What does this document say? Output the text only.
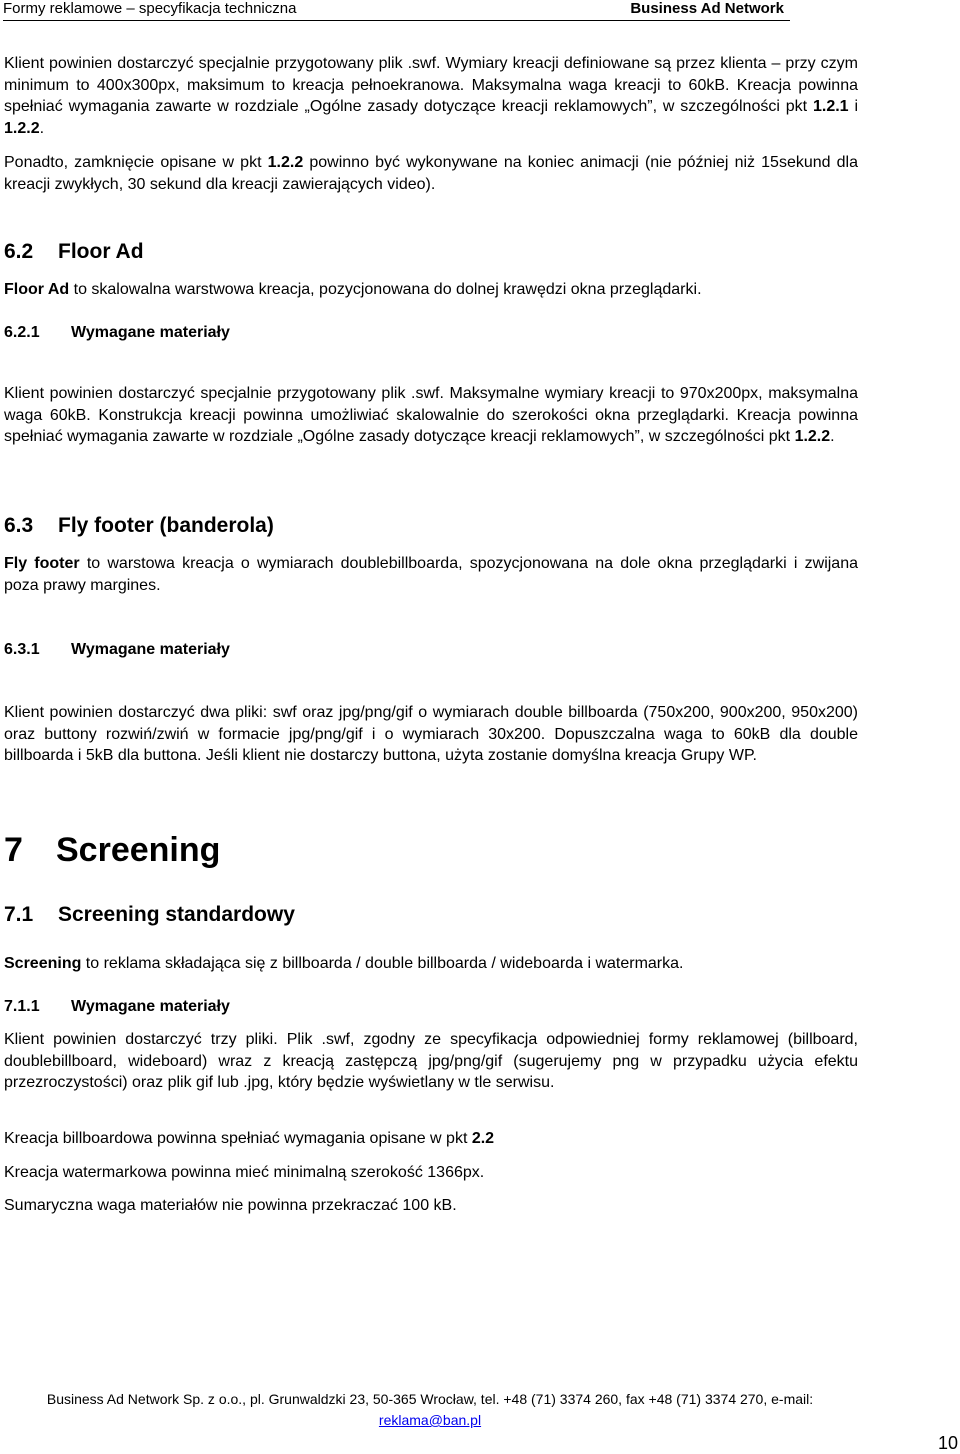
Formy reklamowe – specyfikacja techniczna	Business Ad Network

Klient powinien dostarczyć specjalnie przygotowany plik .swf. Wymiary kreacji definiowane są przez klienta – przy czym minimum to 400x300px, maksimum to kreacja pełnoekranowa. Maksymalna waga kreacji to 60kB. Kreacja powinna spełniać wymagania zawarte w rozdziale „Ogólne zasady dotyczące kreacji reklamowych”, w szczególności pkt 1.2.1 i 1.2.2.

Ponadto, zamknięcie opisane w pkt 1.2.2 powinno być wykonywane na koniec animacji (nie później niż 15sekund dla kreacji zwykłych, 30 sekund dla kreacji zawierających video).

6.2 Floor Ad

Floor Ad to skalowalna warstwowa kreacja, pozycjonowana do dolnej krawędzi okna przeglądarki.

6.2.1 Wymagane materiały

Klient powinien dostarczyć specjalnie przygotowany plik .swf. Maksymalne wymiary kreacji to 970x200px, maksymalna waga 60kB. Konstrukcja kreacji powinna umożliwiać skalowalnie do szerokości okna przeglądarki. Kreacja powinna spełniać wymagania zawarte w rozdziale „Ogólne zasady dotyczące kreacji reklamowych”, w szczególności pkt 1.2.2.

6.3 Fly footer (banderola)

Fly footer to warstowa kreacja o wymiarach doublebillboarda, spozycjonowana na dole okna przeglądarki i zwijana poza prawy margines.

6.3.1 Wymagane materiały

Klient powinien dostarczyć dwa pliki: swf oraz jpg/png/gif o wymiarach double billboarda (750x200, 900x200, 950x200) oraz buttony rozwiń/zwiń w formacie jpg/png/gif i o wymiarach 30x200. Dopuszczalna waga to 60kB dla double billboarda i 5kB dla buttona. Jeśli klient nie dostarczy buttona, użyta zostanie domyślna kreacja Grupy WP.

7 Screening
7.1 Screening standardowy

Screening to reklama składająca się z billboarda / double billboarda / wideboarda i watermarka.

7.1.1 Wymagane materiały

Klient powinien dostarczyć trzy pliki. Plik .swf, zgodny ze specyfikacja odpowiedniej formy reklamowej (billboard, doublebillboard, wideboard) wraz z kreacją zastępczą jpg/png/gif (sugerujemy png w przypadku użycia efektu przezroczystości) oraz plik gif lub .jpg, który będzie wyświetlany w tle serwisu.

Kreacja billboardowa powinna spełniać wymagania opisane w pkt 2.2

Kreacja watermarkowa powinna mieć minimalną szerokość 1366px.

Sumaryczna waga materiałów nie powinna przekraczać 100 kB.

Business Ad Network Sp. z o.o., pl. Grunwaldzki 23, 50-365 Wrocław, tel. +48 (71) 3374 260, fax +48 (71) 3374 270, e-mail:
reklama@ban.pl
10
